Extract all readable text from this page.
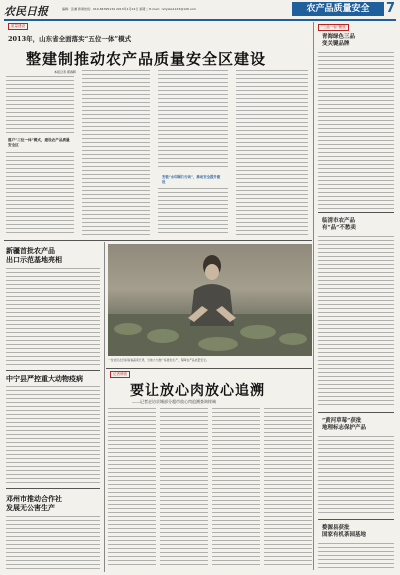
农民日报	编辑：张谦 新闻热线：010-84395134 2013年1月22日 星期二 E-mail：nmjxbs1123@126.com	农产品质量安全	7
质量建设
2013年，山东省全面落实“五位一体”模式
整建制推动农产品质量安全区建设
本报记者 郭春晖
落户“三位一体”模式，建设农产品质量安全区
安装“水印图片行动”，推动安全提升建设
“三品一标”聚焦
青海绿色三品
变关键品牌
临清市农产品
有“品”不愁卖
“黄河草莓”获批
地理标志保护产品
婺源县获批
国家有机茶园基地
新疆首批农产品
出口示范基地亮相
中宁县严控重大动物疫病
邓州市推动合作社
发展无公害生产
一位农民在田间查看蔬菜长势，当地大力推广标准化生产，保障农产品质量安全。
记者调查
要让放心肉放心追溯
——记者走访京城部分超市放心肉追溯查询终端
